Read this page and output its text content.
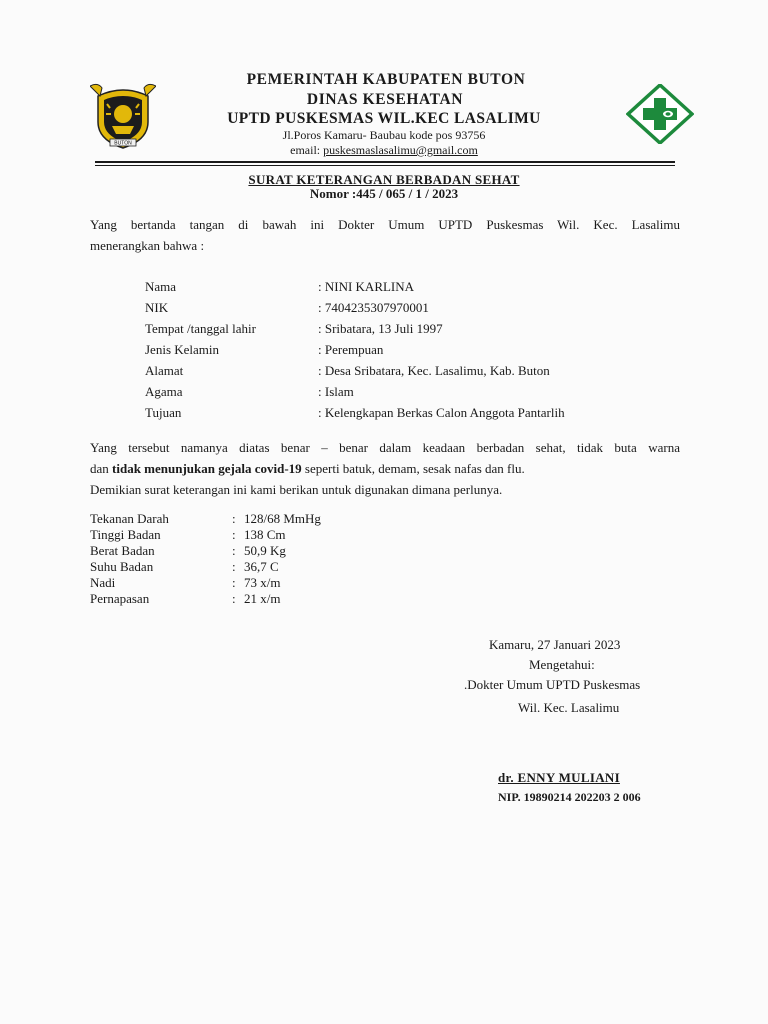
BUTON
PEMERINTAH KABUPATEN BUTON
DINAS KESEHATAN
UPTD PUSKESMAS WIL.KEC LASALIMU
Jl.Poros Kamaru- Baubau kode pos 93756
email: puskesmaslasalimu@gmail.com
SURAT KETERANGAN BERBADAN SEHAT
Nomor :445 / 065 / 1 / 2023
Yang bertanda tangan di bawah ini Dokter Umum UPTD Puskesmas Wil. Kec. Lasalimu
menerangkan bahwa :
Nama	: NINI KARLINA
NIK	: 7404235307970001
Tempat /tanggal lahir	: Sribatara, 13 Juli 1997
Jenis Kelamin	: Perempuan
Alamat	: Desa Sribatara, Kec. Lasalimu, Kab. Buton
Agama	: Islam
Tujuan	: Kelengkapan Berkas Calon Anggota Pantarlih
Yang tersebut namanya diatas benar – benar dalam keadaan berbadan sehat, tidak buta warna
dan tidak menunjukan gejala covid-19 seperti batuk, demam, sesak nafas dan flu.
Demikian surat keterangan ini kami berikan untuk digunakan dimana perlunya.
Tekanan Darah	: 128/68 MmHg
Tinggi Badan	: 138 Cm
Berat Badan	: 50,9 Kg
Suhu Badan	: 36,7 C
Nadi	: 73 x/m
Pernapasan	: 21 x/m
Kamaru, 27 Januari 2023
Mengetahui:
.Dokter Umum UPTD Puskesmas
Wil. Kec. Lasalimu
dr. ENNY MULIANI
NIP. 19890214 202203 2 006
